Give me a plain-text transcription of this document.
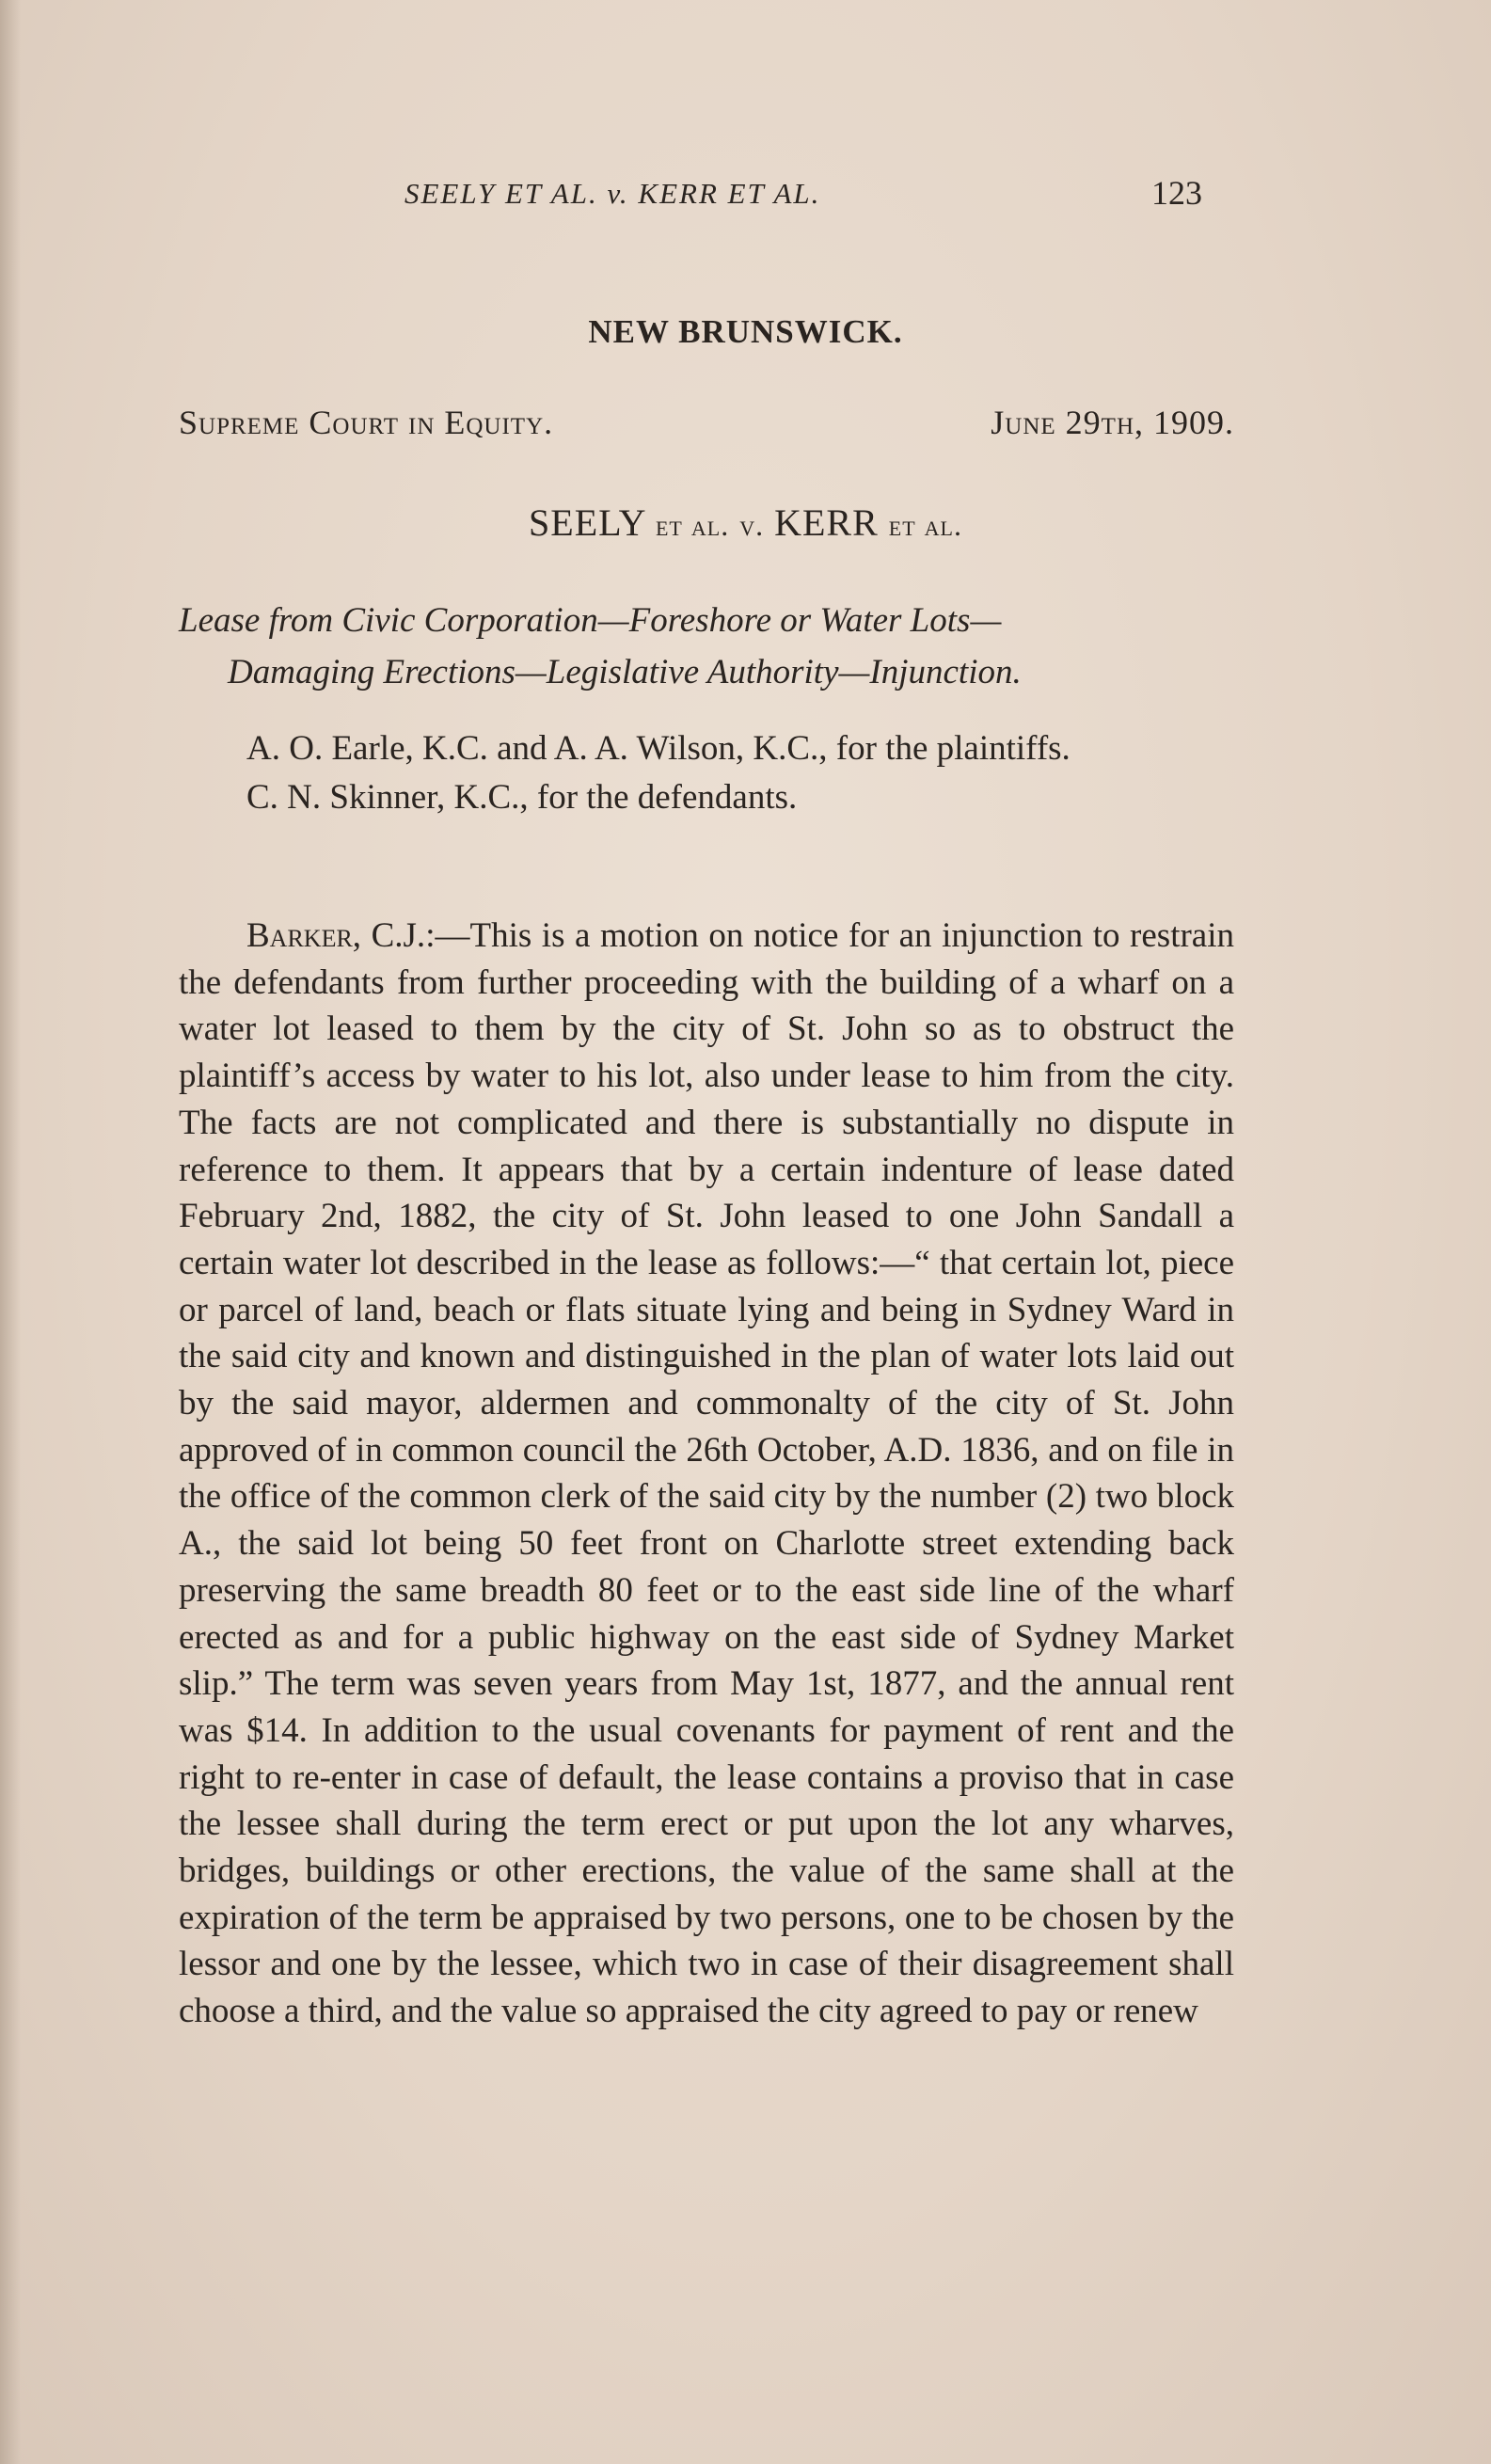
SEELY ET AL. v. KERR ET AL.	123
NEW BRUNSWICK.
Supreme Court in Equity.	June 29th, 1909.
SEELY et al. v. KERR et al.
Lease from Civic Corporation—Foreshore or Water Lots—
Damaging Erections—Legislative Authority—Injunction.

A. O. Earle, K.C. and A. A. Wilson, K.C., for the plaintiffs.

C. N. Skinner, K.C., for the defendants.

Barker, C.J.:—This is a motion on notice for an injunction to restrain the defendants from further proceeding with the building of a wharf on a water lot leased to them by the city of St. John so as to obstruct the plaintiff’s access by water to his lot, also under lease to him from the city. The facts are not complicated and there is substantially no dispute in reference to them. It appears that by a certain indenture of lease dated February 2nd, 1882, the city of St. John leased to one John Sandall a certain water lot described in the lease as follows:—“ that certain lot, piece or parcel of land, beach or flats situate lying and being in Sydney Ward in the said city and known and distinguished in the plan of water lots laid out by the said mayor, aldermen and commonalty of the city of St. John approved of in common council the 26th October, A.D. 1836, and on file in the office of the common clerk of the said city by the number (2) two block A., the said lot being 50 feet front on Charlotte street extending back preserving the same breadth 80 feet or to the east side line of the wharf erected as and for a public highway on the east side of Sydney Market slip.” The term was seven years from May 1st, 1877, and the annual rent was $14. In addition to the usual covenants for payment of rent and the right to re-enter in case of default, the lease contains a proviso that in case the lessee shall during the term erect or put upon the lot any wharves, bridges, buildings or other erections, the value of the same shall at the expiration of the term be appraised by two persons, one to be chosen by the lessor and one by the lessee, which two in case of their disagreement shall choose a third, and the value so appraised the city agreed to pay or renew
